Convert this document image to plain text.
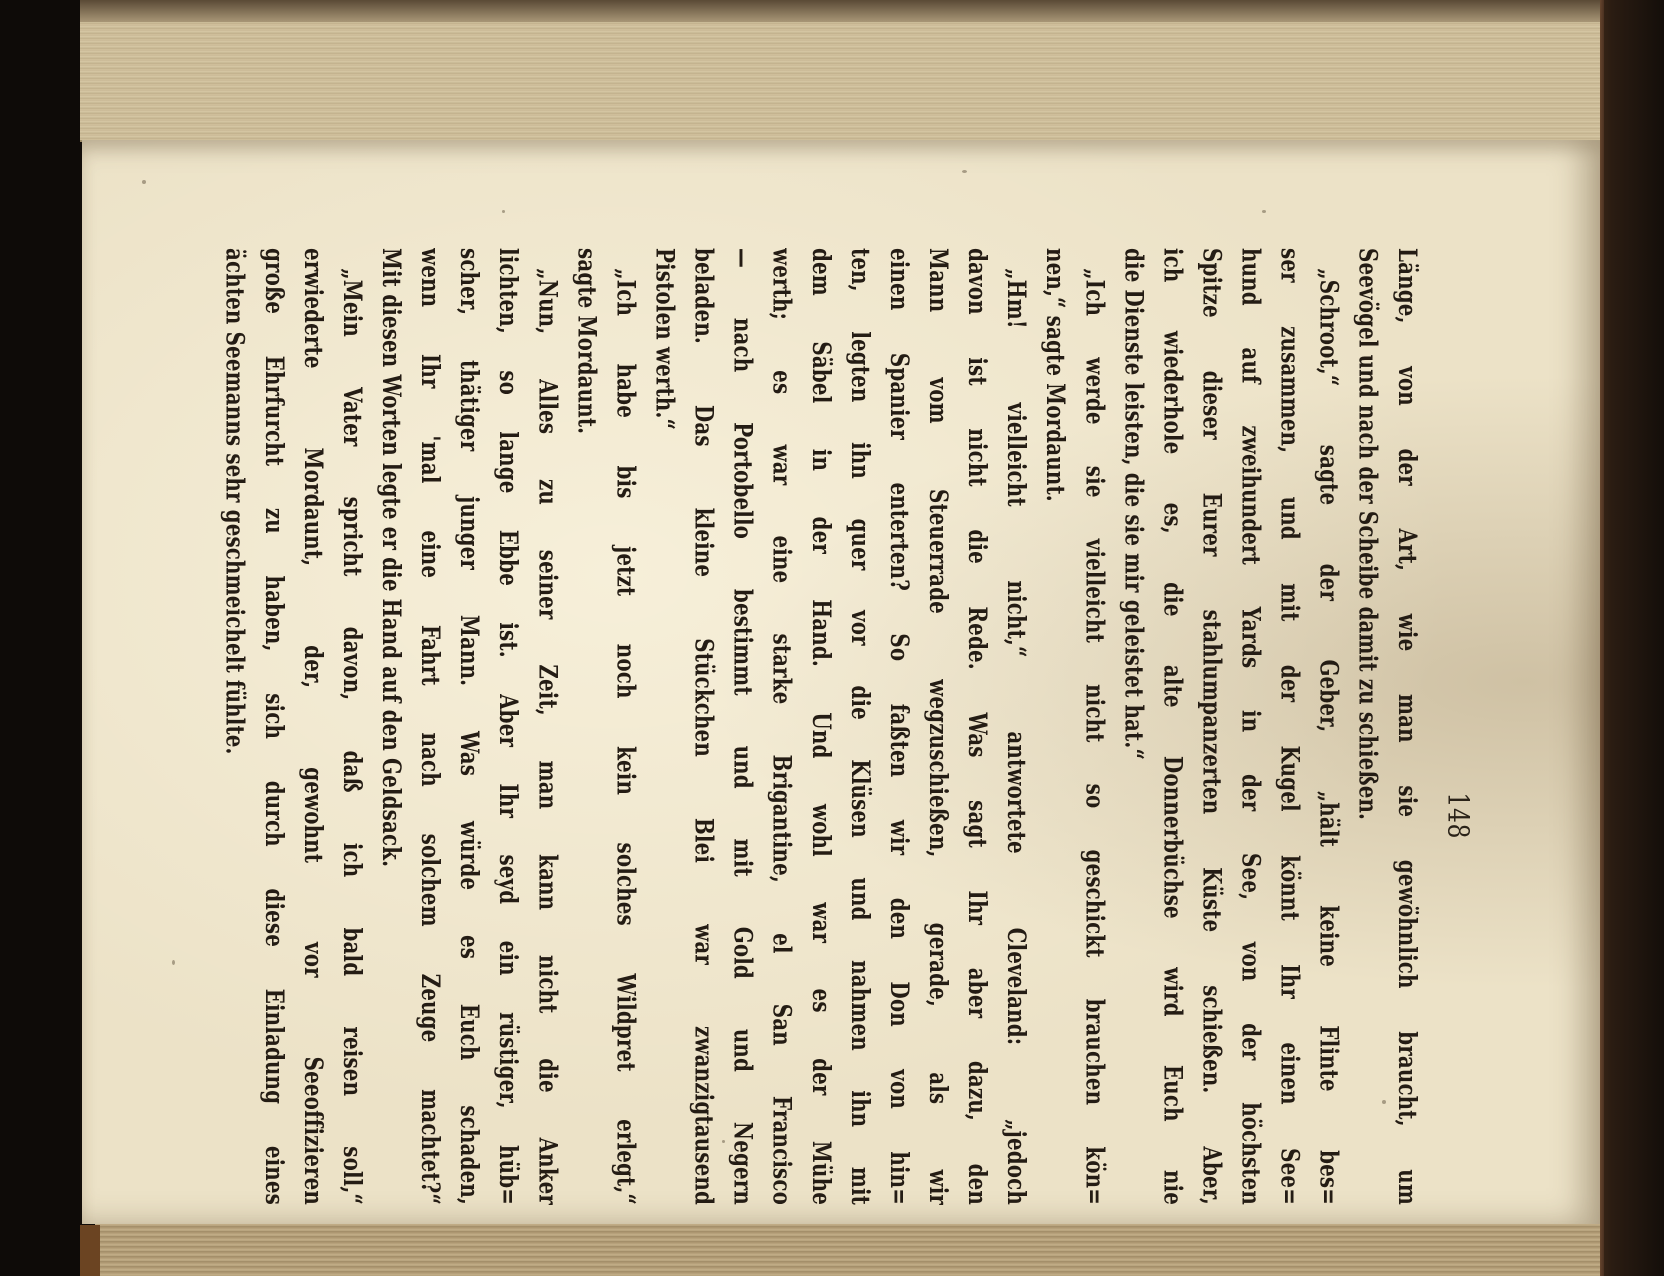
148
Länge, von der Art, wie man sie gewöhnlich braucht, um
Seevögel und nach der Scheibe damit zu schießen.
„Schroot,“ sagte der Geber, „hält keine Flinte bes=
ser zusammen, und mit der Kugel könnt Ihr einen See=
hund auf zweihundert Yards in der See, von der höchsten
Spitze dieser Eurer stahlumpanzerten Küste schießen. Aber,
ich wiederhole es, die alte Donnerbüchse wird Euch nie
die Dienste leisten, die sie mir geleistet hat.“
„Ich werde sie vielleicht nicht so geschickt brauchen kön=
nen,“ sagte Mordaunt.
„Hm! vielleicht nicht,“ antwortete Cleveland: „jedoch
davon ist nicht die Rede. Was sagt Ihr aber dazu, den
Mann vom Steuerrade wegzuschießen, gerade, als wir
einen Spanier enterten? So faßten wir den Don von hin=
ten, legten ihn quer vor die Klüsen und nahmen ihn mit
dem Säbel in der Hand. Und wohl war es der Mühe
werth; es war eine starke Brigantine, el San Francisco
— nach Portobello bestimmt und mit Gold und Negern
beladen. Das kleine Stückchen Blei war zwanzigtausend
Pistolen werth.“
„Ich habe bis jetzt noch kein solches Wildpret erlegt,“
sagte Mordaunt.
„Nun, Alles zu seiner Zeit, man kann nicht die Anker
lichten, so lange Ebbe ist. Aber Ihr seyd ein rüstiger, hüb=
scher, thätiger junger Mann. Was würde es Euch schaden,
wenn Ihr 'mal eine Fahrt nach solchem Zeuge machtet?“
Mit diesen Worten legte er die Hand auf den Geldsack.
„Mein Vater spricht davon, daß ich bald reisen soll,“
erwiederte Mordaunt, der, gewohnt vor Seeoffizieren
große Ehrfurcht zu haben, sich durch diese Einladung eines
ächten Seemanns sehr geschmeichelt fühlte.
